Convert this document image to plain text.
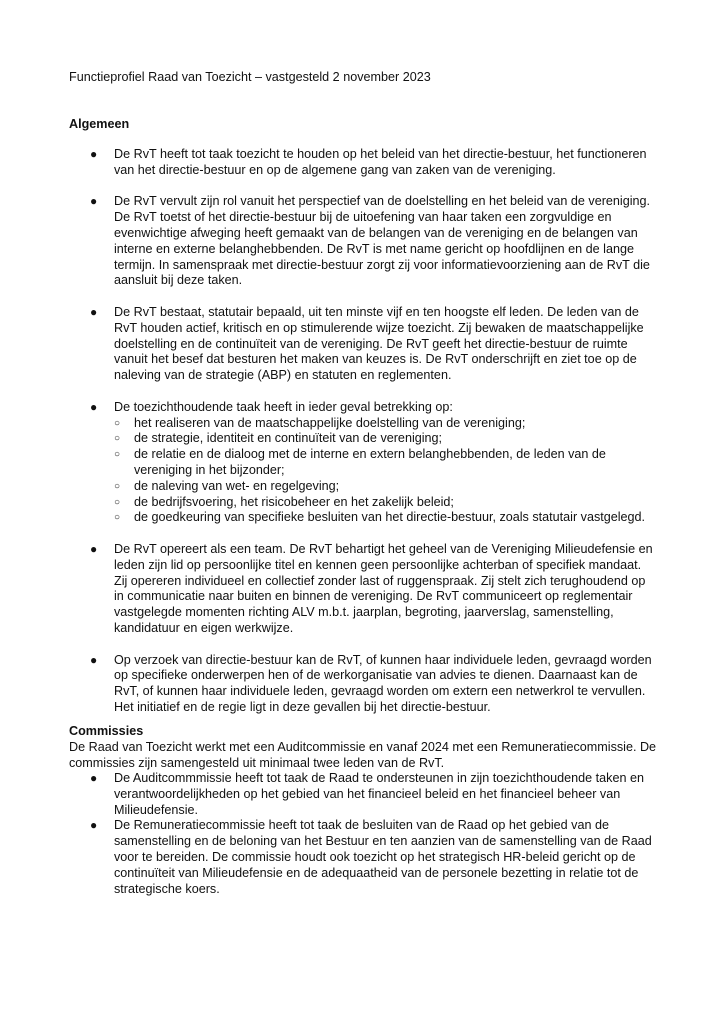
Functieprofiel Raad van Toezicht – vastgesteld 2 november 2023
Algemeen
● De RvT heeft tot taak toezicht te houden op het beleid van het directie-bestuur, het functioneren van het directie-bestuur en op de algemene gang van zaken van de vereniging.
● De RvT vervult zijn rol vanuit het perspectief van de doelstelling en het beleid van de vereniging. De RvT toetst of het directie-bestuur bij de uitoefening van haar taken een zorgvuldige en evenwichtige afweging heeft gemaakt van de belangen van de vereniging en de belangen van interne en externe belanghebbenden. De RvT is met name gericht op hoofdlijnen en de lange termijn. In samenspraak met directie-bestuur zorgt zij voor informatievoorziening aan de RvT die aansluit bij deze taken.
● De RvT bestaat, statutair bepaald, uit ten minste vijf en ten hoogste elf leden. De leden van de RvT houden actief, kritisch en op stimulerende wijze toezicht. Zij bewaken de maatschappelijke doelstelling en de continuïteit van de vereniging. De RvT geeft het directie-bestuur de ruimte vanuit het besef dat besturen het maken van keuzes is. De RvT onderschrijft en ziet toe op de naleving van de strategie (ABP) en statuten en reglementen.
● De toezichthoudende taak heeft in ieder geval betrekking op:
○ het realiseren van de maatschappelijke doelstelling van de vereniging;
○ de strategie, identiteit en continuïteit van de vereniging;
○ de relatie en de dialoog met de interne en extern belanghebbenden, de leden van de vereniging in het bijzonder;
○ de naleving van wet- en regelgeving;
○ de bedrijfsvoering, het risicobeheer en het zakelijk beleid;
○ de goedkeuring van specifieke besluiten van het directie-bestuur, zoals statutair vastgelegd.
● De RvT opereert als een team. De RvT behartigt het geheel van de Vereniging Milieudefensie en leden zijn lid op persoonlijke titel en kennen geen persoonlijke achterban of specifiek mandaat. Zij opereren individueel en collectief zonder last of ruggenspraak. Zij stelt zich terughoudend op in communicatie naar buiten en binnen de vereniging. De RvT communiceert op reglementair vastgelegde momenten richting ALV m.b.t. jaarplan, begroting, jaarverslag, samenstelling, kandidatuur en eigen werkwijze.
● Op verzoek van directie-bestuur kan de RvT, of kunnen haar individuele leden, gevraagd worden op specifieke onderwerpen hen of de werkorganisatie van advies te dienen. Daarnaast kan de RvT, of kunnen haar individuele leden, gevraagd worden om extern een netwerkrol te vervullen. Het initiatief en de regie ligt in deze gevallen bij het directie-bestuur.
Commissies
De Raad van Toezicht werkt met een Auditcommissie en vanaf 2024 met een Remuneratiecommissie. De commissies zijn samengesteld uit minimaal twee leden van de RvT.
● De Auditcommmissie heeft tot taak de Raad te ondersteunen in zijn toezichthoudende taken en verantwoordelijkheden op het gebied van het financieel beleid en het financieel beheer van Milieudefensie.
● De Remuneratiecommissie heeft tot taak de besluiten van de Raad op het gebied van de samenstelling en de beloning van het Bestuur en ten aanzien van de samenstelling van de Raad voor te bereiden. De commissie houdt ook toezicht op het strategisch HR-beleid gericht op de continuïteit van Milieudefensie en de adequaatheid van de personele bezetting in relatie tot de strategische koers.
